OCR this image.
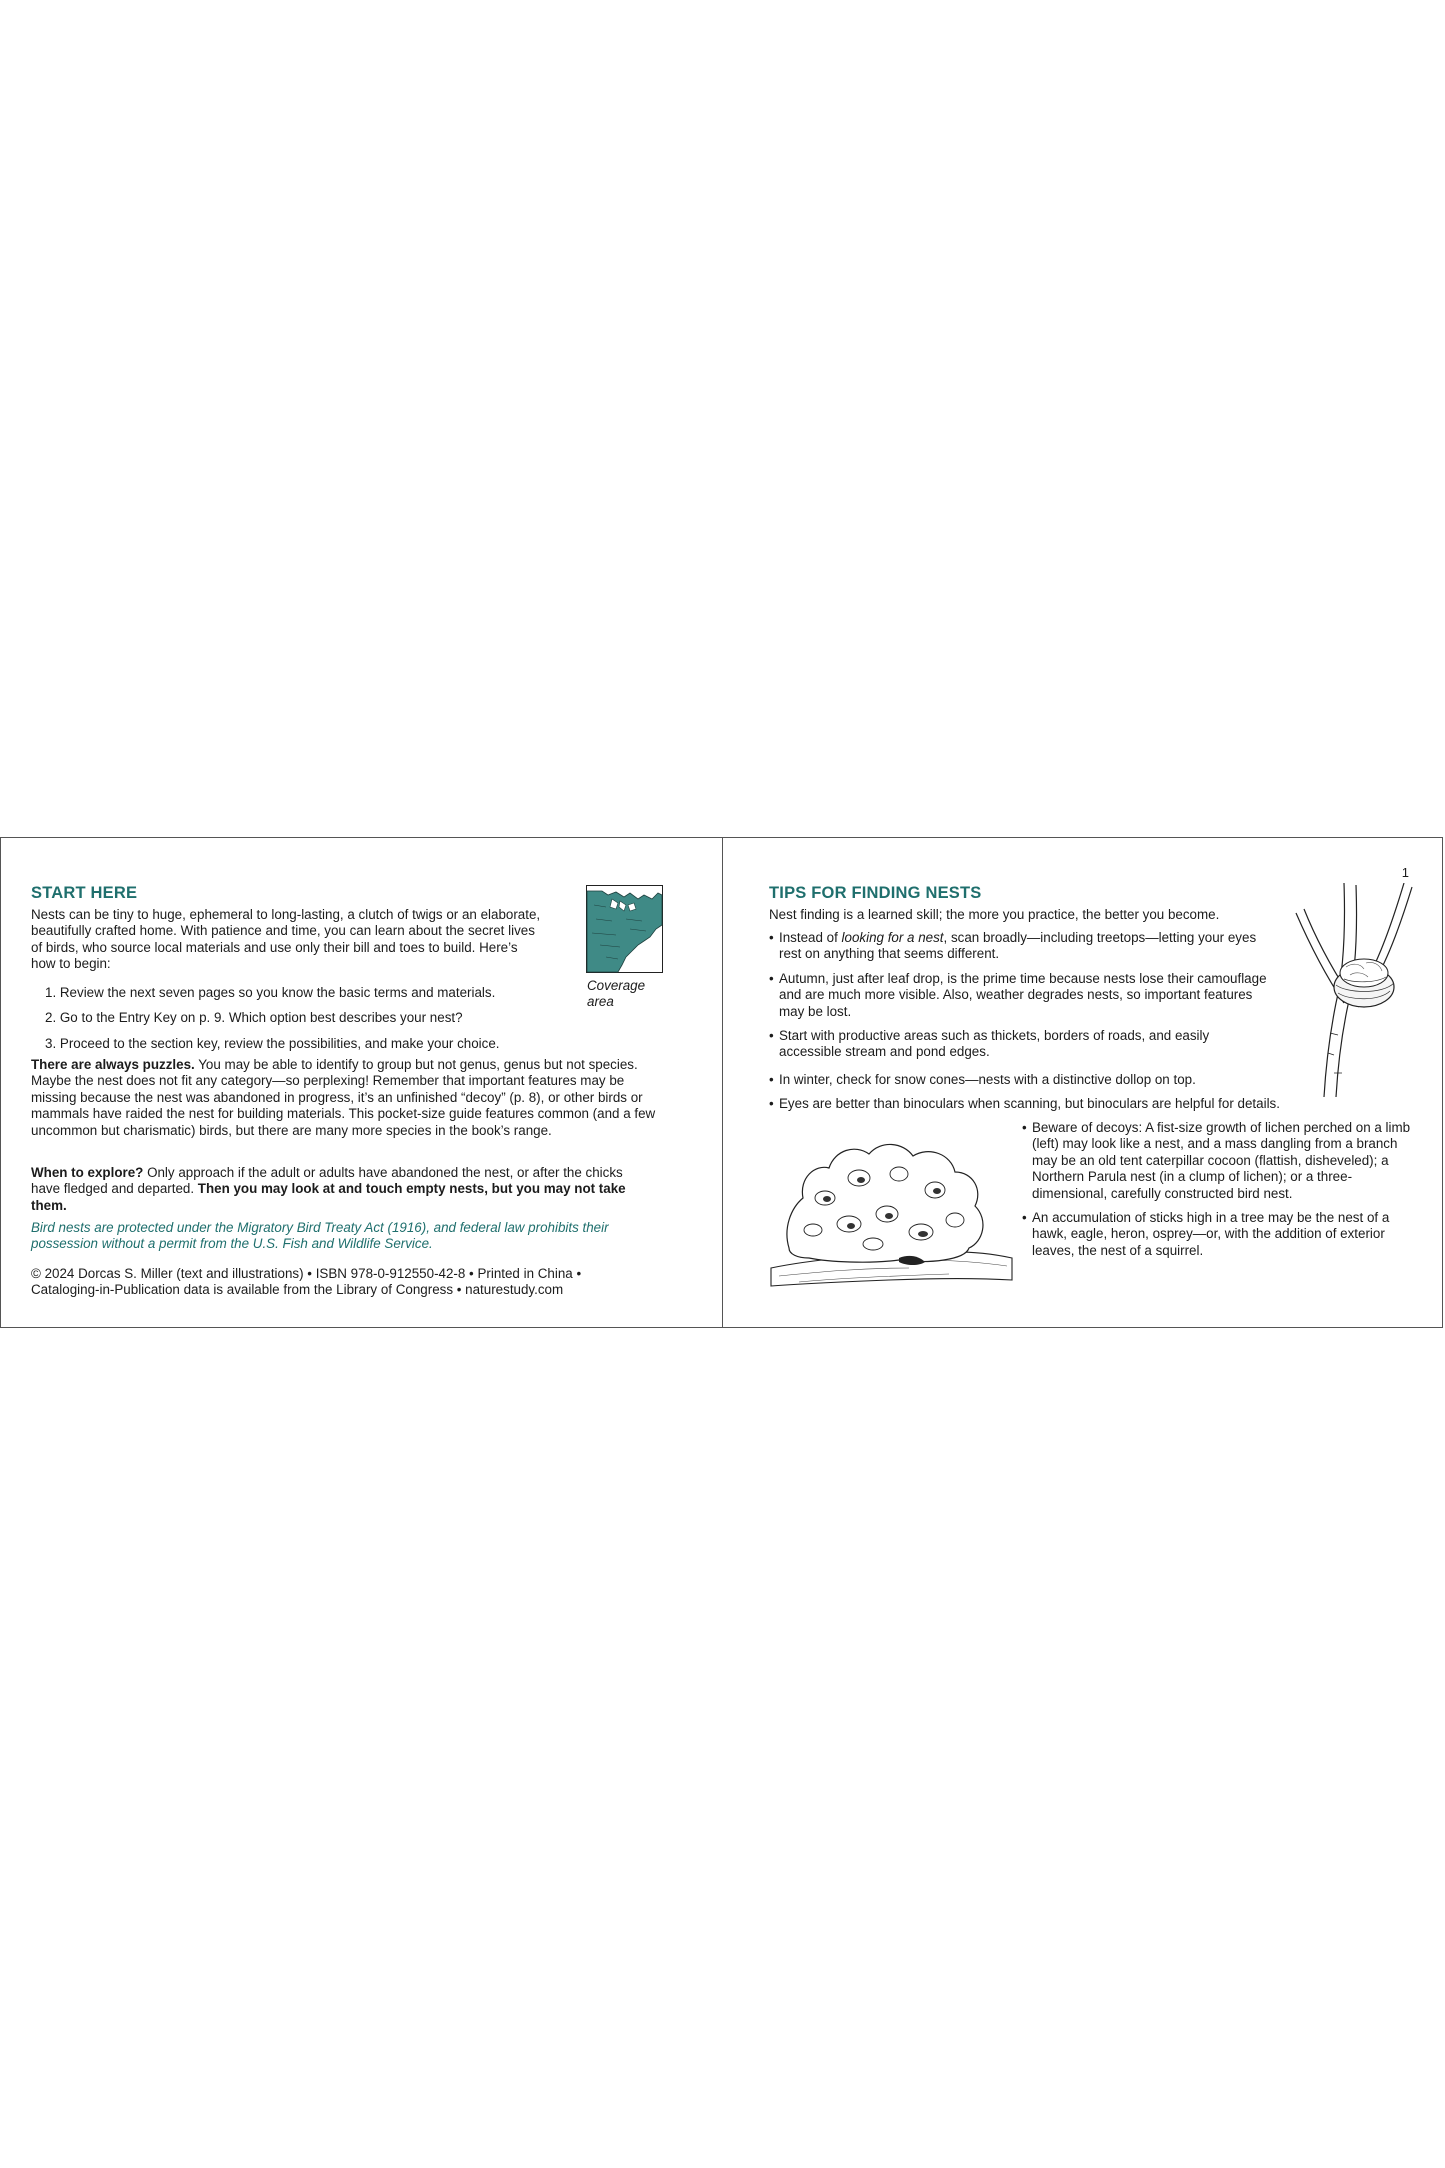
START HERE

Nests can be tiny to huge, ephemeral to long-lasting, a clutch of twigs or an elaborate, beautifully crafted home. With patience and time, you can learn about the secret lives of birds, who source local materials and use only their bill and toes to build. Here’s how to begin:

1. Review the next seven pages so you know the basic terms and materials.
2. Go to the Entry Key on p. 9. Which option best describes your nest?
3. Proceed to the section key, review the possibilities, and make your choice.
Coverage
area

There are always puzzles. You may be able to identify to group but not genus, genus but not species. Maybe the nest does not fit any category—so perplexing! Remember that important features may be missing because the nest was abandoned in progress, it’s an unfinished “decoy” (p. 8), or other birds or mammals have raided the nest for building materials. This pocket-size guide features common (and a few uncommon but charismatic) birds, but there are many more species in the book’s range.

When to explore? Only approach if the adult or adults have abandoned the nest, or after the chicks have fledged and departed. Then you may look at and touch empty nests, but you may not take them.

Bird nests are protected under the Migratory Bird Treaty Act (1916), and federal law prohibits their possession without a permit from the U.S. Fish and Wildlife Service.

© 2024 Dorcas S. Miller (text and illustrations) • ISBN 978-0-912550-42-8 • Printed in China •

Cataloging-in-Publication data is available from the Library of Congress • naturestudy.com

1
TIPS FOR FINDING NESTS

Nest finding is a learned skill; the more you practice, the better you become.

• Instead of looking for a nest, scan broadly—including treetops—letting your eyes rest on anything that seems different.
• Autumn, just after leaf drop, is the prime time because nests lose their camouflage and are much more visible. Also, weather degrades nests, so important features may be lost.
• Start with productive areas such as thickets, borders of roads, and easily accessible stream and pond edges.
• In winter, check for snow cones—nests with a distinctive dollop on top.
• Eyes are better than binoculars when scanning, but binoculars are helpful for details.
• Beware of decoys: A fist-size growth of lichen perched on a limb (left) may look like a nest, and a mass dangling from a branch may be an old tent caterpillar cocoon (flattish, disheveled); a Northern Parula nest (in a clump of lichen); or a three-dimensional, carefully constructed bird nest.
• An accumulation of sticks high in a tree may be the nest of a hawk, eagle, heron, osprey—or, with the addition of exterior leaves, the nest of a squirrel.
